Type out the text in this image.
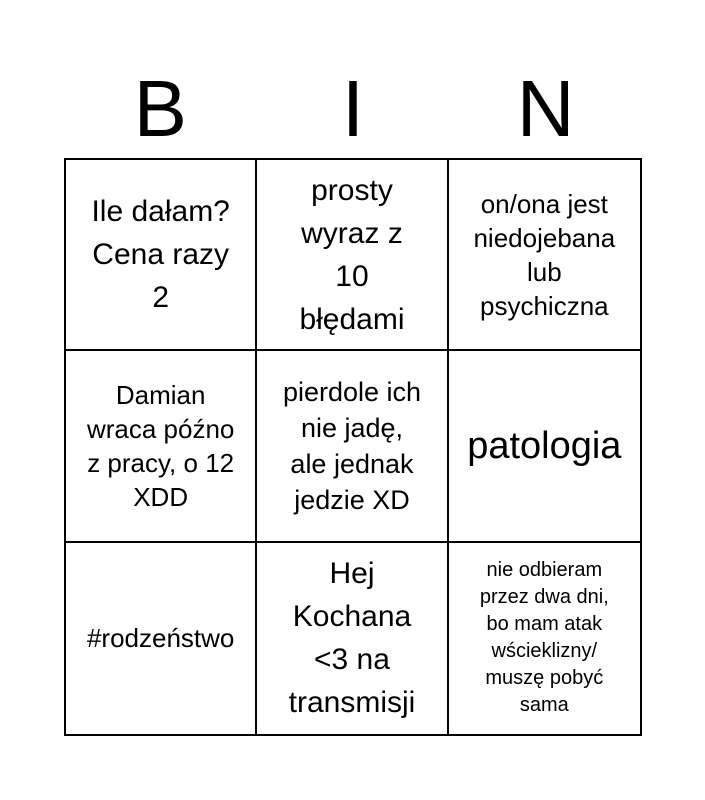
B	I	N
Ile dałam?
Cena razy
2
prosty
wyraz z
10
błędami
on/ona jest
niedojebana
lub
psychiczna
Damian
wraca późno
z pracy, o 12
XDD
pierdole ich
nie jadę,
ale jednak
jedzie XD
patologia
#rodzeństwo
Hej
Kochana
<3 na
transmisji
nie odbieram
przez dwa dni,
bo mam atak
wścieklizny/
muszę pobyć
sama
